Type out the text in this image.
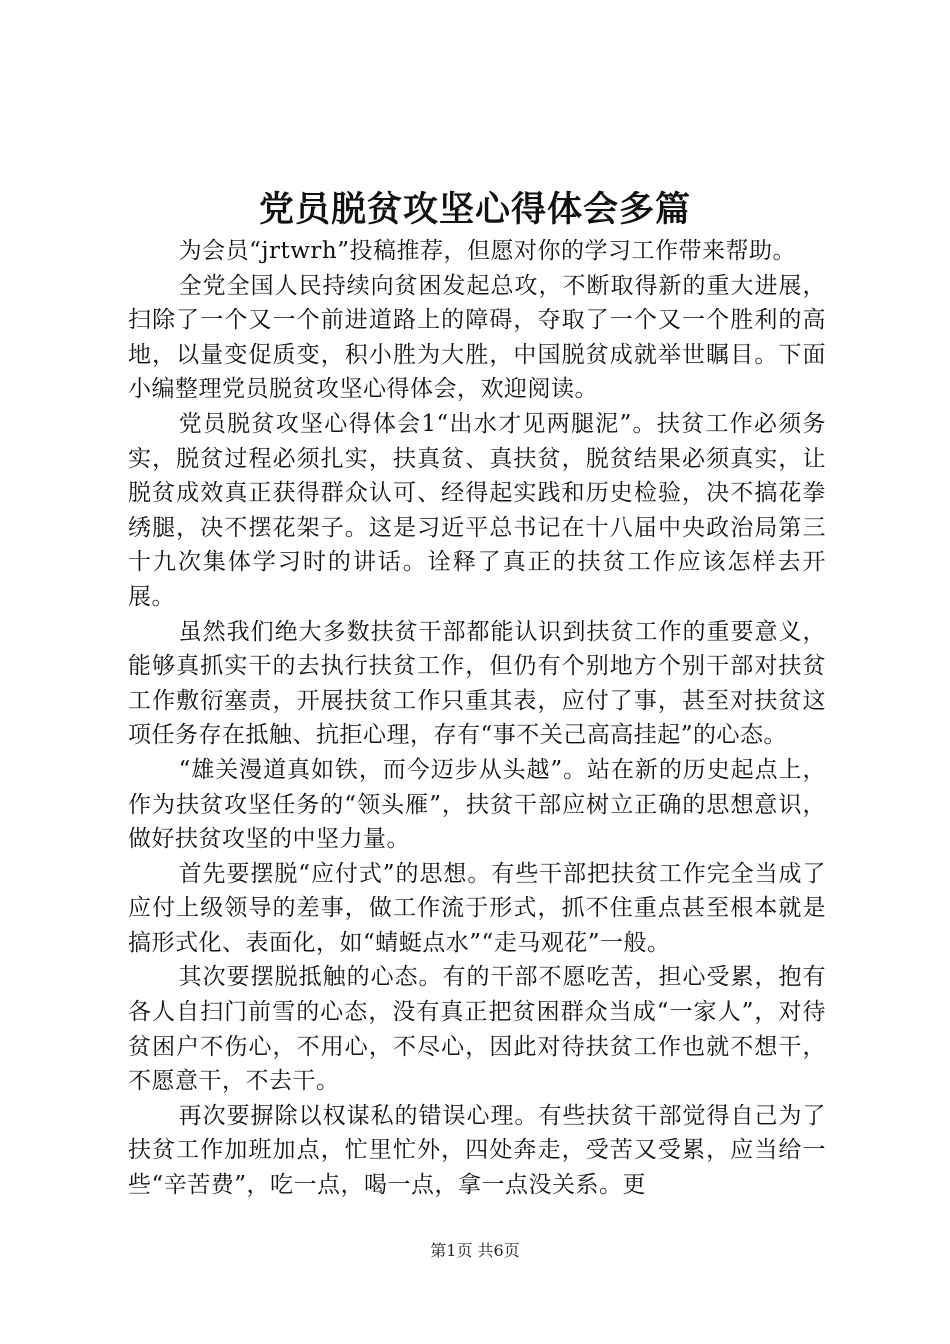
党员脱贫攻坚心得体会多篇

为会员“jrtwrh”投稿推荐，但愿对你的学习工作带来帮助。

全党全国人民持续向贫困发起总攻，不断取得新的重大进展，扫除了一个又一个前进道路上的障碍，夺取了一个又一个胜利的高地，以量变促质变，积小胜为大胜，中国脱贫成就举世瞩目。下面小编整理党员脱贫攻坚心得体会，欢迎阅读。

党员脱贫攻坚心得体会1“出水才见两腿泥”。扶贫工作必须务实，脱贫过程必须扎实，扶真贫、真扶贫，脱贫结果必须真实，让脱贫成效真正获得群众认可、经得起实践和历史检验，决不搞花拳绣腿，决不摆花架子。这是习近平总书记在十八届中央政治局第三十九次集体学习时的讲话。诠释了真正的扶贫工作应该怎样去开展。

虽然我们绝大多数扶贫干部都能认识到扶贫工作的重要意义，能够真抓实干的去执行扶贫工作，但仍有个别地方个别干部对扶贫工作敷衍塞责，开展扶贫工作只重其表，应付了事，甚至对扶贫这项任务存在抵触、抗拒心理，存有“事不关己高高挂起”的心态。

“雄关漫道真如铁，而今迈步从头越”。站在新的历史起点上，作为扶贫攻坚任务的“领头雁”，扶贫干部应树立正确的思想意识，做好扶贫攻坚的中坚力量。

首先要摆脱“应付式”的思想。有些干部把扶贫工作完全当成了应付上级领导的差事，做工作流于形式，抓不住重点甚至根本就是搞形式化、表面化，如“蜻蜓点水”“走马观花”一般。

其次要摆脱抵触的心态。有的干部不愿吃苦，担心受累，抱有各人自扫门前雪的心态，没有真正把贫困群众当成“一家人”，对待贫困户不伤心，不用心，不尽心，因此对待扶贫工作也就不想干，不愿意干，不去干。

再次要摒除以权谋私的错误心理。有些扶贫干部觉得自己为了扶贫工作加班加点，忙里忙外，四处奔走，受苦又受累，应当给一些“辛苦费”，吃一点，喝一点，拿一点没关系。更

第1页 共6页
